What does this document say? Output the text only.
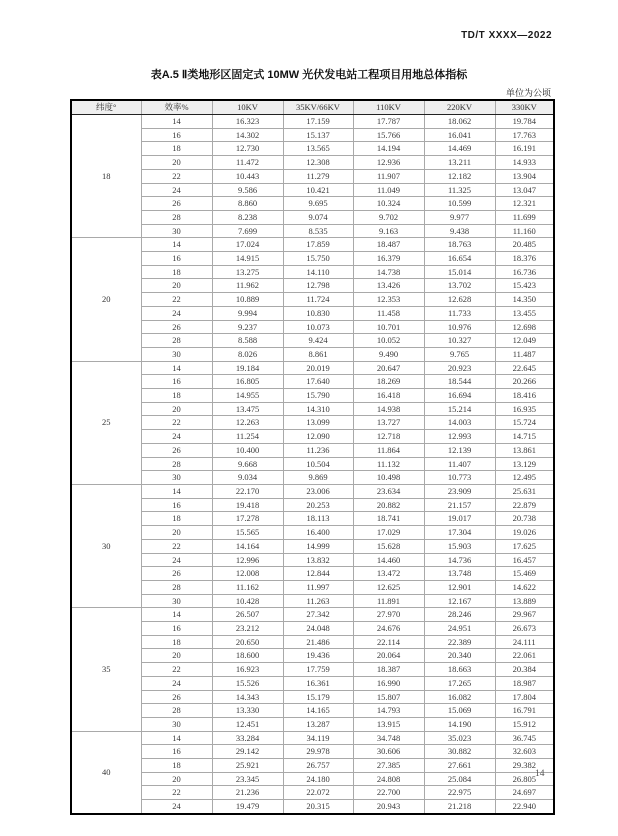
TD/T XXXX—2022
表A.5 Ⅱ类地形区固定式 10MW 光伏发电站工程项目用地总体指标
单位为公顷
纬度°	效率%	10KV	35KV/66KV	110KV	220KV	330KV
18	14	16.323	17.159	17.787	18.062	19.784
	16	14.302	15.137	15.766	16.041	17.763
	18	12.730	13.565	14.194	14.469	16.191
	20	11.472	12.308	12.936	13.211	14.933
	22	10.443	11.279	11.907	12.182	13.904
	24	9.586	10.421	11.049	11.325	13.047
	26	8.860	9.695	10.324	10.599	12.321
	28	8.238	9.074	9.702	9.977	11.699
	30	7.699	8.535	9.163	9.438	11.160
20	14	17.024	17.859	18.487	18.763	20.485
	16	14.915	15.750	16.379	16.654	18.376
	18	13.275	14.110	14.738	15.014	16.736
	20	11.962	12.798	13.426	13.702	15.423
	22	10.889	11.724	12.353	12.628	14.350
	24	9.994	10.830	11.458	11.733	13.455
	26	9.237	10.073	10.701	10.976	12.698
	28	8.588	9.424	10.052	10.327	12.049
	30	8.026	8.861	9.490	9.765	11.487
25	14	19.184	20.019	20.647	20.923	22.645
	16	16.805	17.640	18.269	18.544	20.266
	18	14.955	15.790	16.418	16.694	18.416
	20	13.475	14.310	14.938	15.214	16.935
	22	12.263	13.099	13.727	14.003	15.724
	24	11.254	12.090	12.718	12.993	14.715
	26	10.400	11.236	11.864	12.139	13.861
	28	9.668	10.504	11.132	11.407	13.129
	30	9.034	9.869	10.498	10.773	12.495
30	14	22.170	23.006	23.634	23.909	25.631
	16	19.418	20.253	20.882	21.157	22.879
	18	17.278	18.113	18.741	19.017	20.738
	20	15.565	16.400	17.029	17.304	19.026
	22	14.164	14.999	15.628	15.903	17.625
	24	12.996	13.832	14.460	14.736	16.457
	26	12.008	12.844	13.472	13.748	15.469
	28	11.162	11.997	12.625	12.901	14.622
	30	10.428	11.263	11.891	12.167	13.889
35	14	26.507	27.342	27.970	28.246	29.967
	16	23.212	24.048	24.676	24.951	26.673
	18	20.650	21.486	22.114	22.389	24.111
	20	18.600	19.436	20.064	20.340	22.061
	22	16.923	17.759	18.387	18.663	20.384
	24	15.526	16.361	16.990	17.265	18.987
	26	14.343	15.179	15.807	16.082	17.804
	28	13.330	14.165	14.793	15.069	16.791
	30	12.451	13.287	13.915	14.190	15.912
40	14	33.284	34.119	34.748	35.023	36.745
	16	29.142	29.978	30.606	30.882	32.603
	18	25.921	26.757	27.385	27.661	29.382
	20	23.345	24.180	24.808	25.084	26.805
	22	21.236	22.072	22.700	22.975	24.697
	24	19.479	20.315	20.943	21.218	22.940
14
